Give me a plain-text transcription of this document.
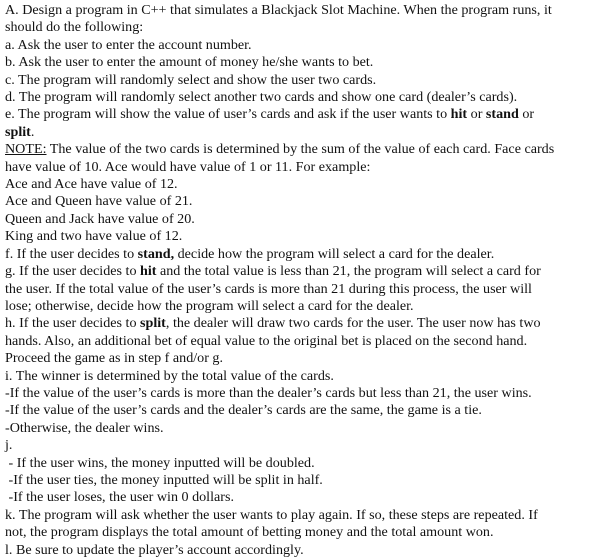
A. Design a program in C++ that simulates a Blackjack Slot Machine. When the program runs, it
should do the following:
a. Ask the user to enter the account number.
b. Ask the user to enter the amount of money he/she wants to bet.
c. The program will randomly select and show the user two cards.
d. The program will randomly select another two cards and show one card (dealer’s cards).
e. The program will show the value of user’s cards and ask if the user wants to hit or stand or
split.
NOTE: The value of the two cards is determined by the sum of the value of each card. Face cards
have value of 10. Ace would have value of 1 or 11. For example:
Ace and Ace have value of 12.
Ace and Queen have value of 21.
Queen and Jack have value of 20.
King and two have value of 12.
f. If the user decides to stand, decide how the program will select a card for the dealer.
g. If the user decides to hit and the total value is less than 21, the program will select a card for
the user. If the total value of the user’s cards is more than 21 during this process, the user will
lose; otherwise, decide how the program will select a card for the dealer.
h. If the user decides to split, the dealer will draw two cards for the user. The user now has two
hands. Also, an additional bet of equal value to the original bet is placed on the second hand.
Proceed the game as in step f and/or g.
i. The winner is determined by the total value of the cards.
-If the value of the user’s cards is more than the dealer’s cards but less than 21, the user wins.
-If the value of the user’s cards and the dealer’s cards are the same, the game is a tie.
-Otherwise, the dealer wins.
j.
- If the user wins, the money inputted will be doubled.
-If the user ties, the money inputted will be split in half.
-If the user loses, the user win 0 dollars.
k. The program will ask whether the user wants to play again. If so, these steps are repeated. If
not, the program displays the total amount of betting money and the total amount won.
l. Be sure to update the player’s account accordingly.
